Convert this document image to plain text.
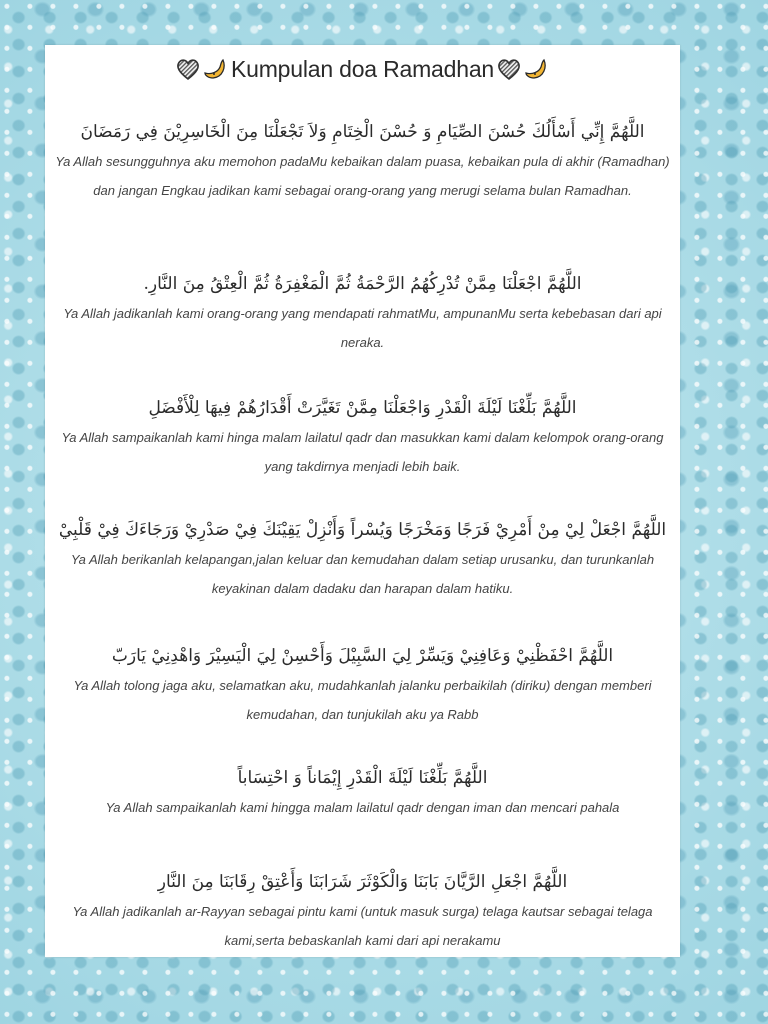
Kumpulan doa Ramadhan
اللَّهُمَّ إِنِّي أَسْأَلُكَ حُسْنَ الصِّيَامِ وَ حُسْنَ الْخِتَامِ وَلاَ تَجْعَلْنَا مِنَ الْخَاسِرِيْنَ فِي رَمَضَانَ
Ya Allah sesungguhnya aku memohon padaMu kebaikan dalam puasa, kebaikan pula di akhir (Ramadhan) dan jangan Engkau jadikan kami sebagai orang-orang yang merugi selama bulan Ramadhan.
اللَّهُمَّ اجْعَلْنَا مِمَّنْ تُدْرِكُهُمُ الرَّحْمَةُ ثُمَّ الْمَغْفِرَةُ ثُمَّ الْعِتْقُ مِنَ النَّارِ.
Ya Allah jadikanlah kami orang-orang yang mendapati rahmatMu, ampunanMu serta kebebasan dari api neraka.
اللَّهُمَّ بَلِّغْنَا لَيْلَةَ الْقَدْرِ وَاجْعَلْنَا مِمَّنْ تَغَيَّرَتْ أَقْدَارُهُمْ فِيهَا لِلْأَفْضَلِ
Ya Allah sampaikanlah kami hinga malam lailatul qadr dan masukkan kami dalam kelompok orang-orang yang takdirnya menjadi lebih baik.
اللَّهُمَّ اجْعَلْ لِيْ مِنْ أَمْرِيْ فَرَجًا وَمَخْرَجًا وَيُسْراً وَأَنْزِلْ يَقِيْنَكَ فِيْ صَدْرِيْ وَرَجَاءَكَ فِيْ قَلْبِيْ
Ya Allah berikanlah kelapangan,jalan keluar dan kemudahan dalam setiap urusanku, dan turunkanlah keyakinan dalam dadaku dan harapan dalam hatiku.
اللَّهُمَّ احْفَظْنِيْ وَعَافِنِيْ وَيَسِّرْ لِيَ السَّبِيْلَ وَأَحْسِنْ لِيَ الْيَسِيْرَ وَاهْدِنِيْ يَارَبّ
Ya Allah tolong jaga aku, selamatkan aku, mudahkanlah jalanku perbaikilah (diriku) dengan memberi kemudahan, dan tunjukilah aku ya Rabb
اللَّهُمَّ بَلِّغْنَا لَيْلَةَ الْقَدْرِ إِيْمَاناً وَ احْتِسَاباً
Ya Allah sampaikanlah kami hingga malam lailatul qadr dengan iman dan mencari pahala
اللَّهُمَّ اجْعَلِ الرَّيَّانَ بَابَنَا وَالْكَوْثَرَ شَرَابَنَا وَأَعْتِقْ رِقَابَنَا مِنَ النَّارِ
Ya Allah jadikanlah ar-Rayyan sebagai pintu kami (untuk masuk surga) telaga kautsar sebagai telaga kami,serta bebaskanlah kami dari api nerakamu
